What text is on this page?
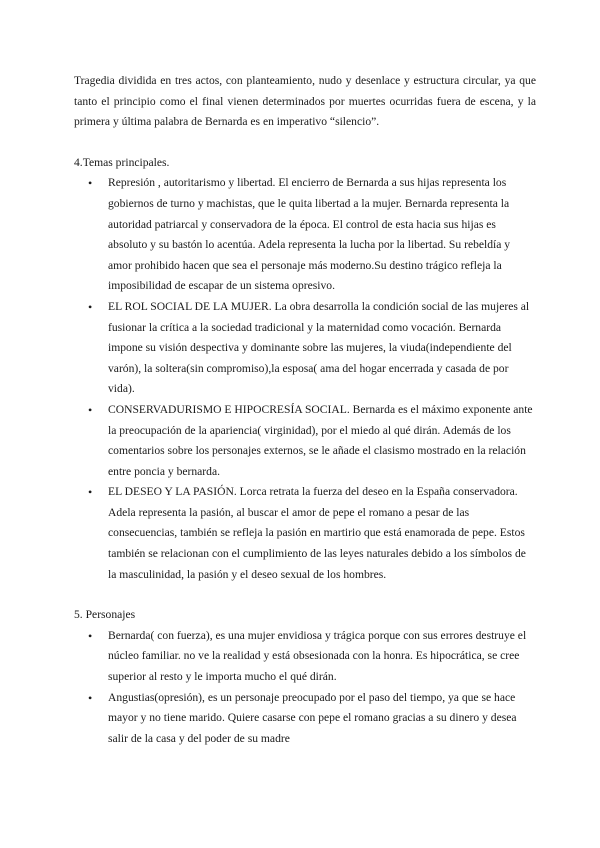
Tragedia dividida en tres actos, con planteamiento, nudo y desenlace y estructura circular, ya que tanto el principio como el final vienen determinados por muertes ocurridas fuera de escena, y la primera y última palabra de Bernarda es en imperativo “silencio”.

4.Temas principales.

• Represión , autoritarismo y libertad. El encierro de Bernarda a sus hijas representa los gobiernos de turno y machistas, que le quita libertad a la mujer. Bernarda representa la autoridad patriarcal y conservadora de la época. El control de esta hacia sus hijas es absoluto y su bastón lo acentúa. Adela representa la lucha por la libertad. Su rebeldía y amor prohibido hacen que sea el personaje más moderno.Su destino trágico refleja la imposibilidad de escapar de un sistema opresivo.
• EL ROL SOCIAL DE LA MUJER. La obra desarrolla la condición social de las mujeres al fusionar la crítica a la sociedad tradicional y la maternidad como vocación. Bernarda impone su visión despectiva y dominante sobre las mujeres, la viuda(independiente del varón), la soltera(sin compromiso),la esposa( ama del hogar encerrada y casada de por vida).
• CONSERVADURISMO E HIPOCRESÍA SOCIAL. Bernarda es el máximo exponente ante la preocupación de la apariencia( virginidad), por el miedo al qué dirán. Además de los comentarios sobre los personajes externos, se le añade el clasismo mostrado en la relación entre poncia y bernarda.
• EL DESEO Y LA PASIÓN. Lorca retrata la fuerza del deseo en la España conservadora. Adela representa la pasión, al buscar el amor de pepe el romano a pesar de las consecuencias, también se refleja la pasión en martirio que está enamorada de pepe. Estos también se relacionan con el cumplimiento de las leyes naturales debido a los símbolos de la masculinidad, la pasión y el deseo sexual de los hombres.

5. Personajes

• Bernarda( con fuerza), es una mujer envidiosa y trágica porque con sus errores destruye el núcleo familiar. no ve la realidad y está obsesionada con la honra. Es hipocrática, se cree superior al resto y le importa mucho el qué dirán.
• Angustias(opresión), es un personaje preocupado por el paso del tiempo, ya que se hace mayor y no tiene marido. Quiere casarse con pepe el romano gracias a su dinero y desea salir de la casa y del poder de su madre
